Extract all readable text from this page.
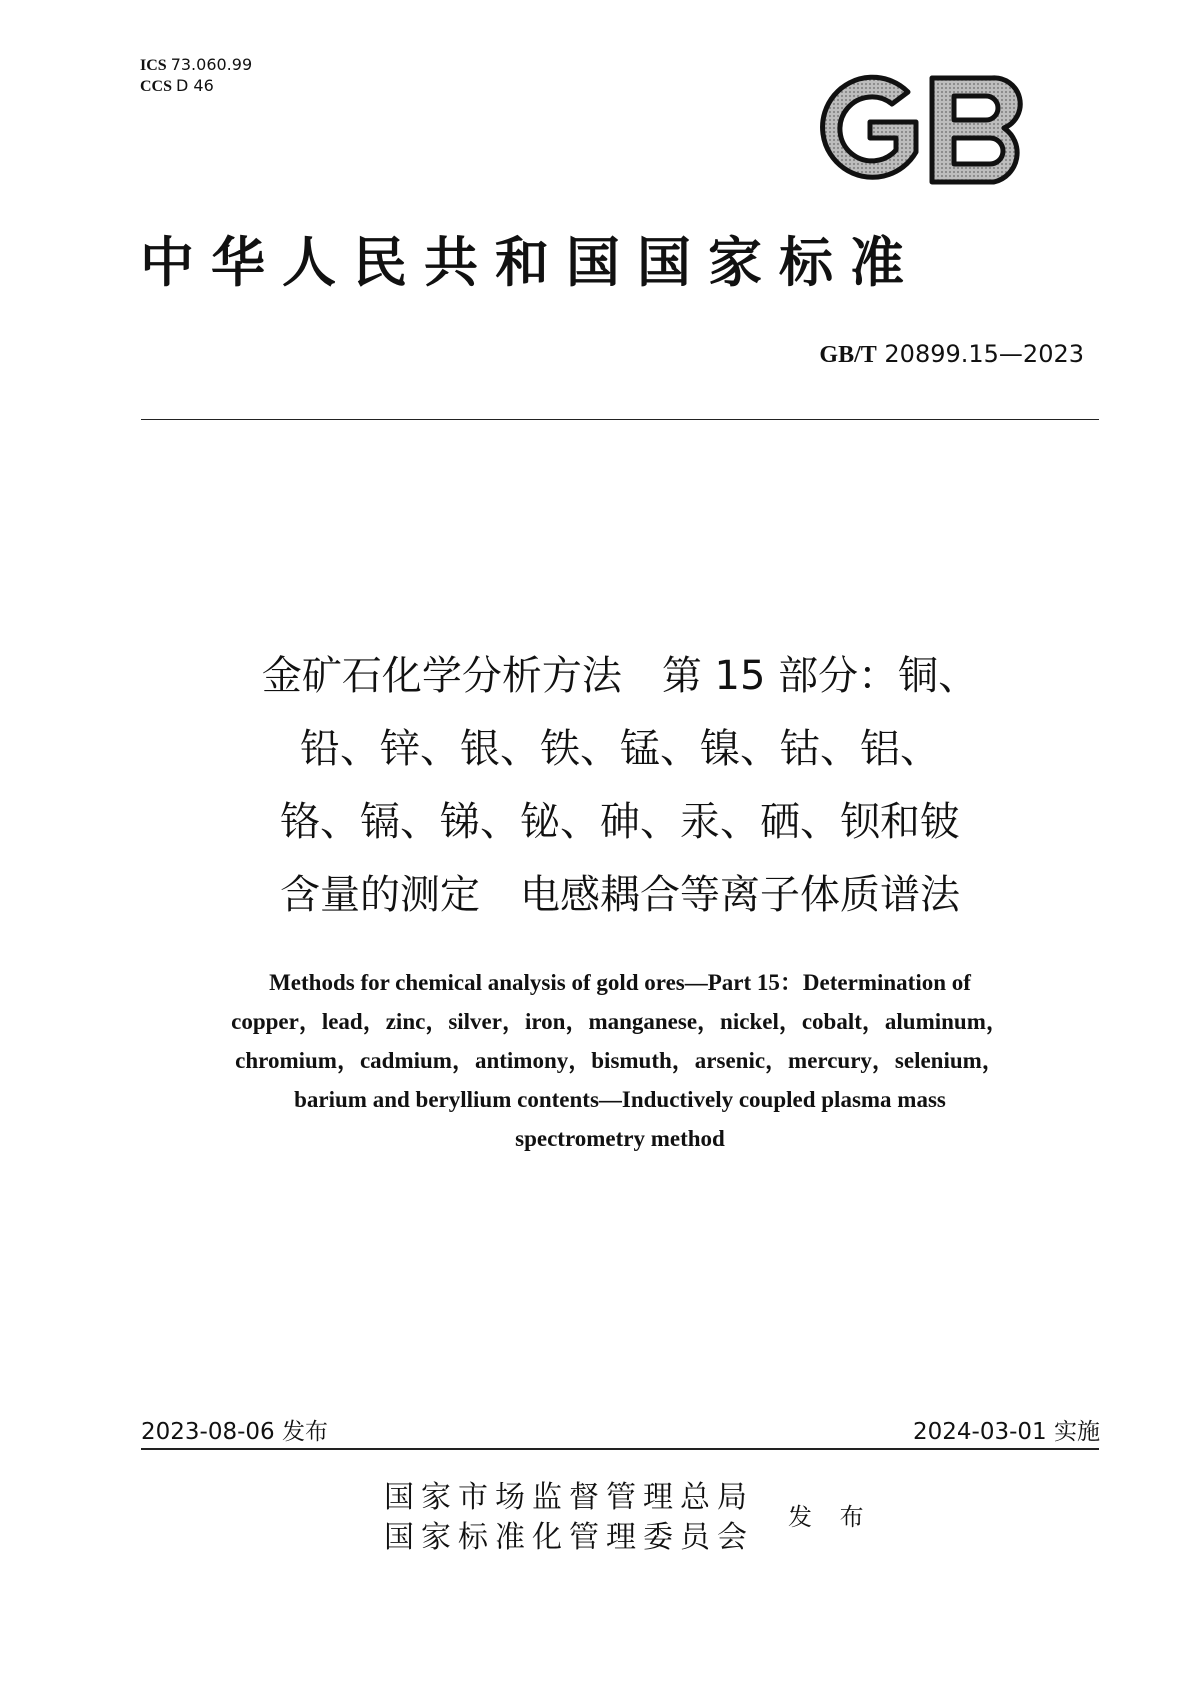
ICS 73.060.99
CCS D 46
中华人民共和国国家标准
GB/T 20899.15—2023
金矿石化学分析方法　第 15 部分：铜、
铅、锌、银、铁、锰、镍、钴、铝、
铬、镉、锑、铋、砷、汞、硒、钡和铍
含量的测定　电感耦合等离子体质谱法
Methods for chemical analysis of gold ores—Part 15：Determination of
copper，lead，zinc，silver，iron，manganese，nickel，cobalt，aluminum，
chromium，cadmium，antimony，bismuth，arsenic，mercury，selenium，
barium and beryllium contents—Inductively coupled plasma mass
spectrometry method
2023-08-06 发布	2024-03-01 实施
国家市场监督管理总局
国家标准化管理委员会
发 布
